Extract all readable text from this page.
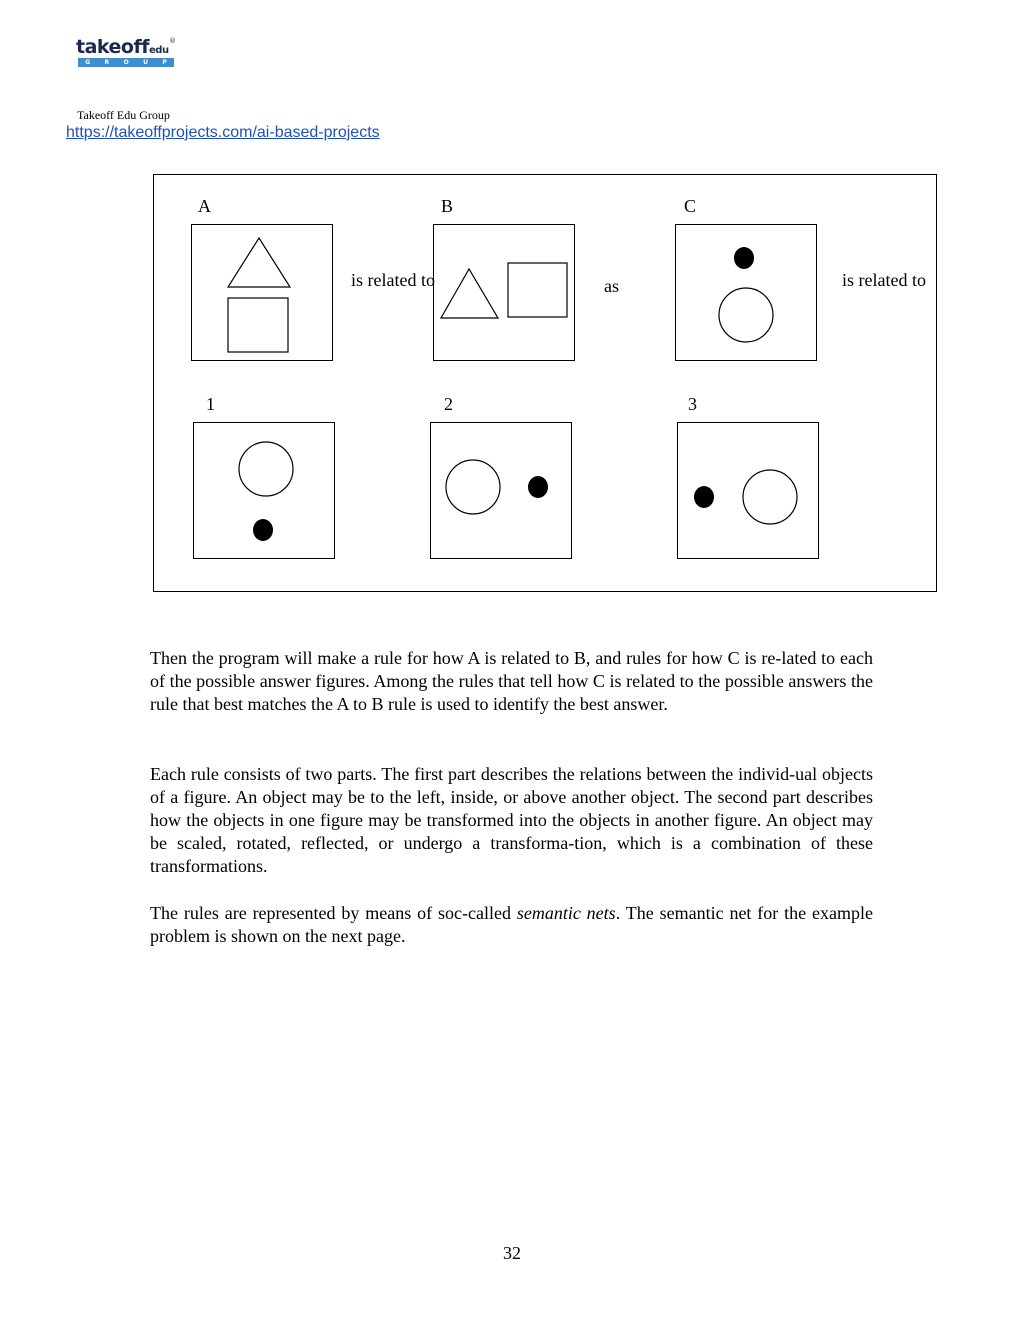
takeoffedu
®
G R O U P
Takeoff Edu Group
https://takeoffprojects.com/ai-based-projects
A	B	C
is related to	as	is related to
1	2	3

Then the program will make a rule for how A is related to B, and rules for how C is re-lated to each of the possible answer figures. Among the rules that tell how C is related to the possible answers the rule that best matches the A to B rule is used to identify the best answer.

Each rule consists of two parts. The first part describes the relations between the individ-ual objects of a figure. An object may be to the left, inside, or above another object. The second part describes how the objects in one figure may be transformed into the objects in another figure. An object may be scaled, rotated, reflected, or undergo a transforma-tion, which is a combination of these transformations.

The rules are represented by means of soc-called semantic nets. The semantic net for the example problem is shown on the next page.

32
